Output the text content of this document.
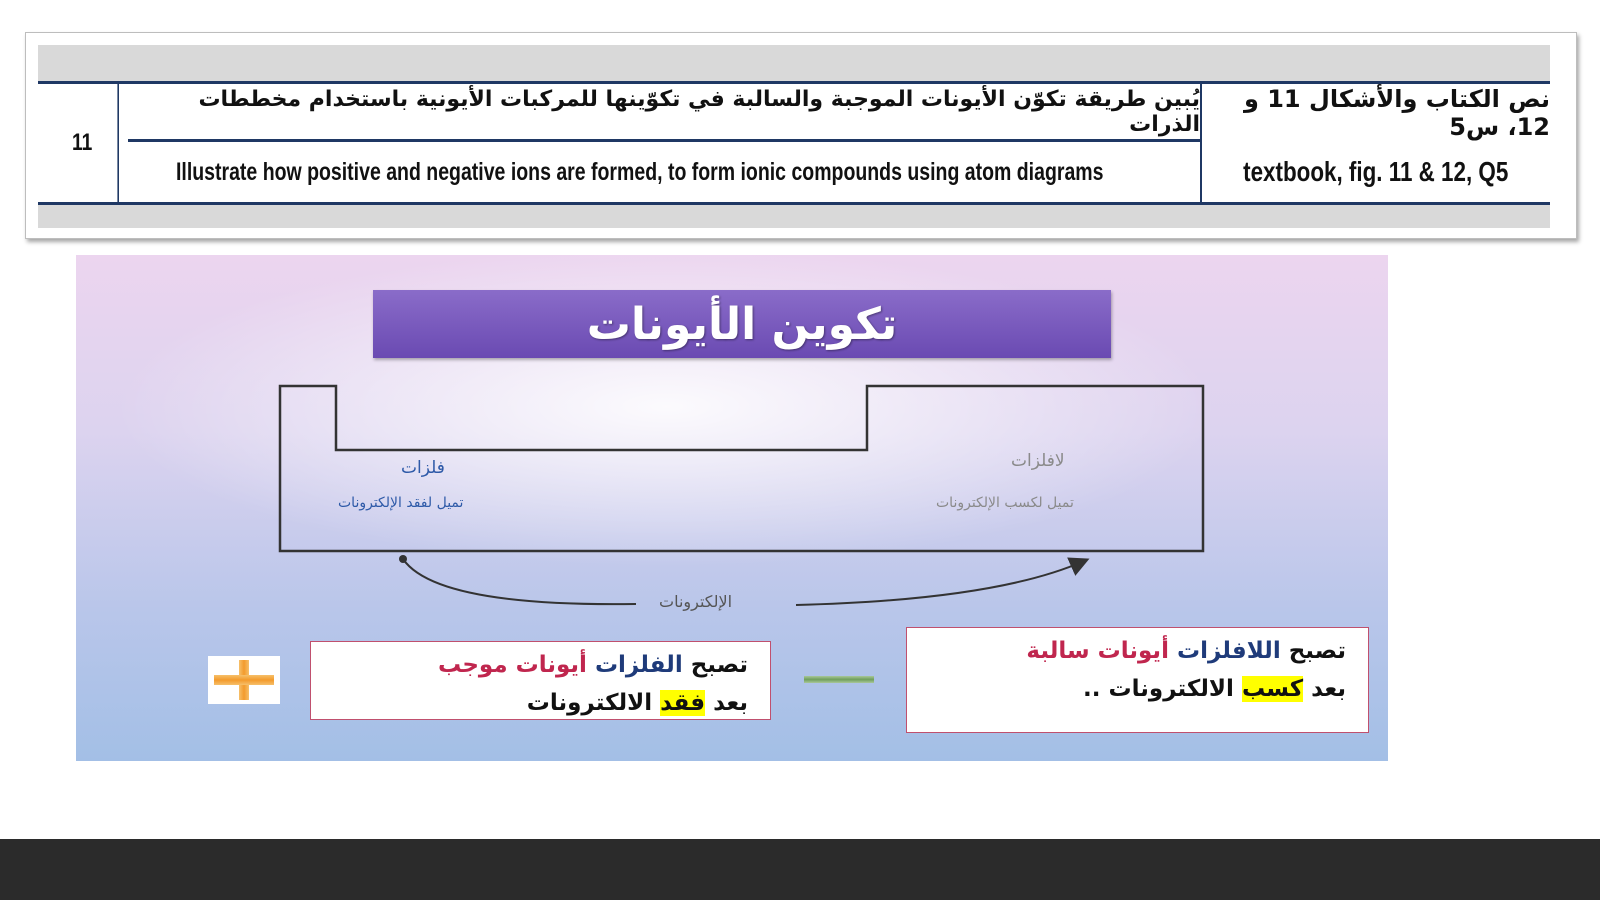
11
يُبين طريقة تكوّن الأيونات الموجبة والسالبة في تكوّينها للمركبات الأيونية باستخدام مخططات الذرات
Illustrate how positive and negative ions are formed, to form ionic compounds using atom diagrams
نص الكتاب والأشكال 11 و 12، س5
textbook, fig. 11 & 12, Q5
تكوين الأيونات
فلزات
تميل لفقد الإلكترونات
لافلزات
تميل لكسب الإلكترونات
الإلكترونات
تصبح الفلزات أيونات موجب
بعد فقد الالكترونات
تصبح اللافلزات أيونات سالبة
بعد كسب الالكترونات ..
